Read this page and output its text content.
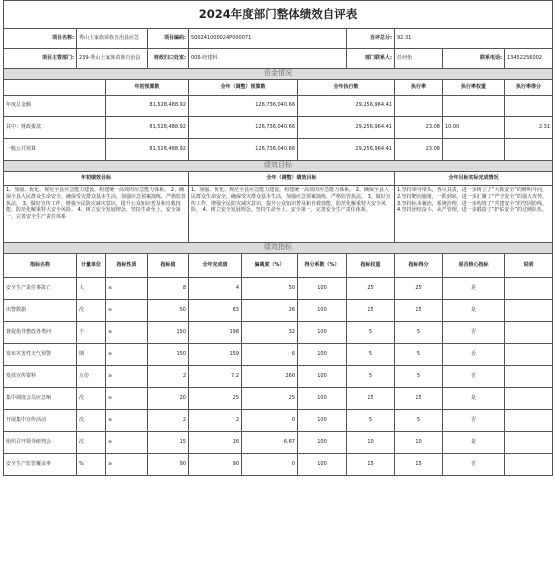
2024年度部门整体绩效自评表										
项目名称:	秀山土家族苗族自治县应急		项目编码:	500241000024P000071			自评总分:	92.31		
项目主管部门:	239-秀山土家族苗族自治县		财政归口处室:	006-经建科			部门联系人:	任何怡	联系电话:	13452256002
资金情况										
		年初预算数		全年（调整）预算数		全年执行数		执行率	执行率权重	执行率得分
年度总金额		81,528,488.92		126,736,040.66		29,256,964.41				
其中：财政拨款		81,528,488.92		126,736,040.66		29,256,964.41		23.08	10.00	2.31
一般公共预算		81,528,488.92		126,736,040.66		29,256,964.41		23.08		
绩效目标										
年初绩效目标				全年（调整）绩效目标				全年目标实际完成情况		

1、加强、优化、规范全县应急能力建设，构建统一高效的应急能力体系。 2、确保全县人民群众生命安全，确保受灾群众基本生活，加强应急预案演练，严格监管执法。 3、做好宣传工作，增强全民防灾减灾意识，提升公众知识普及和自救技能，防范化解重特大安全风险。 4、树立安全发展理念，坚持生命至上，安全第一，完善安全生产责任体系				1、加强、优化、规范全县应急能力建设，构建统一高效的应急能力体系。 2、确保全县人民群众生命安全，确保受灾群众基本生活，加强应急预案演练，严格监管执法。 3、做好宣传工作，增强全民防灾减灾意识，提升公众知识普及和自救技能，防范化解重特大安全风险。 4、树立安全发展理念，坚持生命至上、安全第一，完善安全生产责任体系。				1.坚持领导带头，各尽其责，进一步树立了“大抓安全”的鲜明导向。 2.坚持靶向施策，一抓到底，进一步汇聚了“严守安全”的强大攻势。 3.坚持标本兼治，系统治理，进一步构筑了“共建安全”的坚固防线。 4.坚持团结奋斗，从严管理，进一步锻造了“护佑安全”的过硬队伍。		

绩效指标										
指标名称	计量单位	指标性质	指标值	全年完成值	偏离度（%）	得分系数（%）	指标权重	指标得分	是否核心指标	说明
安全生产责任事故亡	人	≤	8	4	50	100	25	25	是	
出警数据	次	≥	50	63	26	100	15	15	是	
督促指导整改各类问	个	≥	150	198	32	100	5	5	否	
发布灾害性天气预警	期	≥	150	159	6	100	5	5	否	
发放宣传资料	万份	≥	2	7.2	260	100	5	5	否	
集中调度会员应急响	次	≥	20	25	25	100	15	15	是	
开展集中宣传活动	次	≥	2	2	0	100	5	5	否	
组织召开领导研判会	次	≥	15	16	6.67	100	10	10	是	
安全生产监管覆盖率	%	≥	90	90	0	100	15	15	否	
